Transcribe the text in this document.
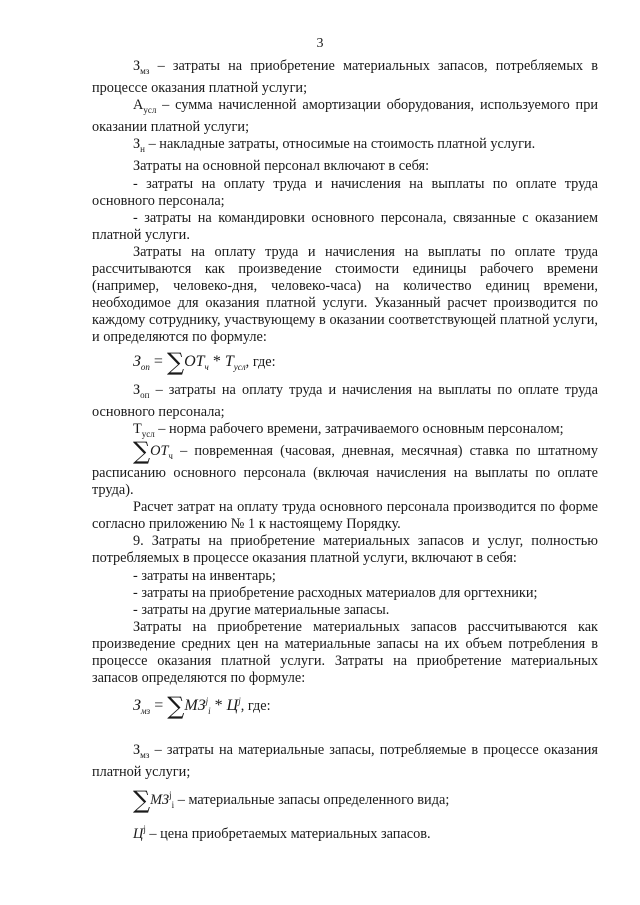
3

$З_{мз}$ – затраты на приобретение материальных запасов, потребляемых в процессе оказания платной услуги;

$А_{усл}$ – сумма начисленной амортизации оборудования, используемого при оказании платной услуги;

$З_н$ – накладные затраты, относимые на стоимость платной услуги.

Затраты на основной персонал включают в себя:

- затраты на оплату труда и начисления на выплаты по оплате труда основного персонала;

- затраты на командировки основного персонала, связанные с оказанием платной услуги.

Затраты на оплату труда и начисления на выплаты по оплате труда рассчитываются как произведение стоимости единицы рабочего времени (например, человеко-дня, человеко-часа) на количество единиц времени, необходимое для оказания платной услуги. Указанный расчет производится по каждому сотруднику, участвующему в оказании соответствующей платной услуги, и определяются по формуле:

$З_{оп} = \sum ОТ_ч * Т_{усл}$, где:

$З_{оп}$ – затраты на оплату труда и начисления на выплаты по оплате труда основного персонала;

$Т_{усл}$ – норма рабочего времени, затрачиваемого основным персоналом;

$\sum ОТ_ч$ – повременная (часовая, дневная, месячная) ставка по штатному расписанию основного персонала (включая начисления на выплаты по оплате труда).

Расчет затрат на оплату труда основного персонала производится по форме согласно приложению № 1 к настоящему Порядку.

9. Затраты на приобретение материальных запасов и услуг, полностью потребляемых в процессе оказания платной услуги, включают в себя:

- затраты на инвентарь;

- затраты на приобретение расходных материалов для оргтехники;

- затраты на другие материальные запасы.

Затраты на приобретение материальных запасов рассчитываются как произведение средних цен на материальные запасы на их объем потребления в процессе оказания платной услуги. Затраты на приобретение материальных запасов определяются по формуле:

$З_{мз} = \sum МЗ^j_i * Ц^j$, где:

$З_{мз}$ – затраты на материальные запасы, потребляемые в процессе оказания платной услуги;

$\sum МЗ^j_i$ – материальные запасы определенного вида;

$Ц^j$ – цена приобретаемых материальных запасов.
